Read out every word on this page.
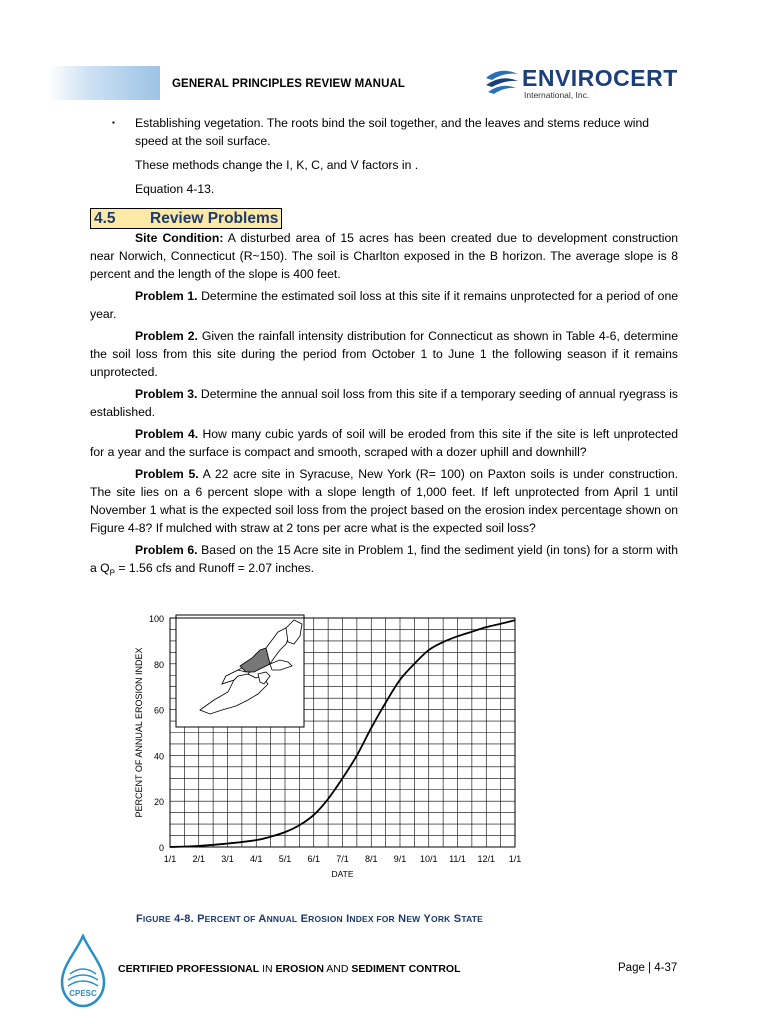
GENERAL PRINCIPLES REVIEW MANUAL	ENVIROCERT
International, Inc.
▪ Establishing vegetation. The roots bind the soil together, and the leaves and stems reduce wind speed at the soil surface.

These methods change the I, K, C, and V factors in .

Equation 4-13.

4.5 Review Problems

Site Condition: A disturbed area of 15 acres has been created due to development construction near Norwich, Connecticut (R~150). The soil is Charlton exposed in the B horizon. The average slope is 8 percent and the length of the slope is 400 feet.

Problem 1. Determine the estimated soil loss at this site if it remains unprotected for a period of one year.

Problem 2. Given the rainfall intensity distribution for Connecticut as shown in Table 4-6, determine the soil loss from this site during the period from October 1 to June 1 the following season if it remains unprotected.

Problem 3. Determine the annual soil loss from this site if a temporary seeding of annual ryegrass is established.

Problem 4. How many cubic yards of soil will be eroded from this site if the site is left unprotected for a year and the surface is compact and smooth, scraped with a dozer uphill and downhill?

Problem 5. A 22 acre site in Syracuse, New York (R= 100) on Paxton soils is under construction. The site lies on a 6 percent slope with a slope length of 1,000 feet. If left unprotected from April 1 until November 1 what is the expected soil loss from the project based on the erosion index percentage shown on Figure 4-8? If mulched with straw at 2 tons per acre what is the expected soil loss?

Problem 6. Based on the 15 Acre site in Problem 1, find the sediment yield (in tons) for a storm with a $Q_P = 1.56$ cfs and Runoff = 2.07 inches.

0
20
40
60
80
100
1/1 2/1 3/1 4/1 5/1 6/1 7/1 8/1 9/1 10/1 11/1 12/1 1/1
DATE
PERCENT OF ANNUAL EROSION INDEX
FIGURE 4-8. PERCENT OF ANNUAL EROSION INDEX FOR NEW YORK STATE
CPESC
CERTIFIED PROFESSIONAL IN EROSION AND SEDIMENT CONTROL	Page | 4-37
